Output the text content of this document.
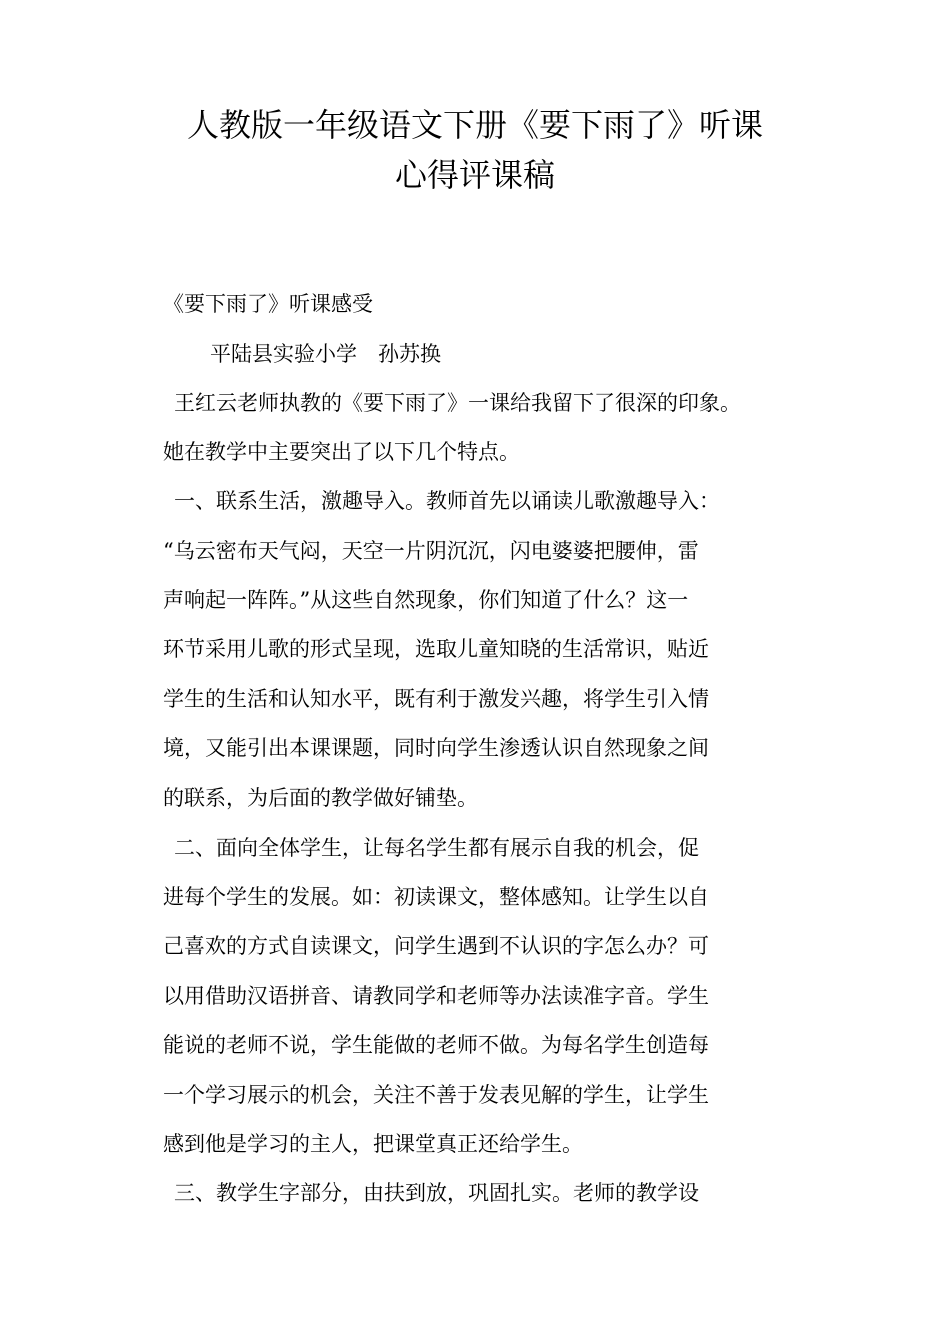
人教版一年级语文下册《要下雨了》听课
心得评课稿

《要下雨了》听课感受

平陆县实验小学　孙苏换

王红云老师执教的《要下雨了》一课给我留下了很深的印象。

她在教学中主要突出了以下几个特点。

一、联系生活，激趣导入。教师首先以诵读儿歌激趣导入：

“乌云密布天气闷，天空一片阴沉沉，闪电婆婆把腰伸，雷

声响起一阵阵。”从这些自然现象，你们知道了什么？这一

环节采用儿歌的形式呈现，选取儿童知晓的生活常识，贴近

学生的生活和认知水平，既有利于激发兴趣，将学生引入情

境，又能引出本课课题，同时向学生渗透认识自然现象之间

的联系，为后面的教学做好铺垫。

二、面向全体学生，让每名学生都有展示自我的机会，促

进每个学生的发展。如：初读课文，整体感知。让学生以自

己喜欢的方式自读课文，问学生遇到不认识的字怎么办？可

以用借助汉语拼音、请教同学和老师等办法读准字音。学生

能说的老师不说，学生能做的老师不做。为每名学生创造每

一个学习展示的机会，关注不善于发表见解的学生，让学生

感到他是学习的主人，把课堂真正还给学生。

三、教学生字部分，由扶到放，巩固扎实。老师的教学设
